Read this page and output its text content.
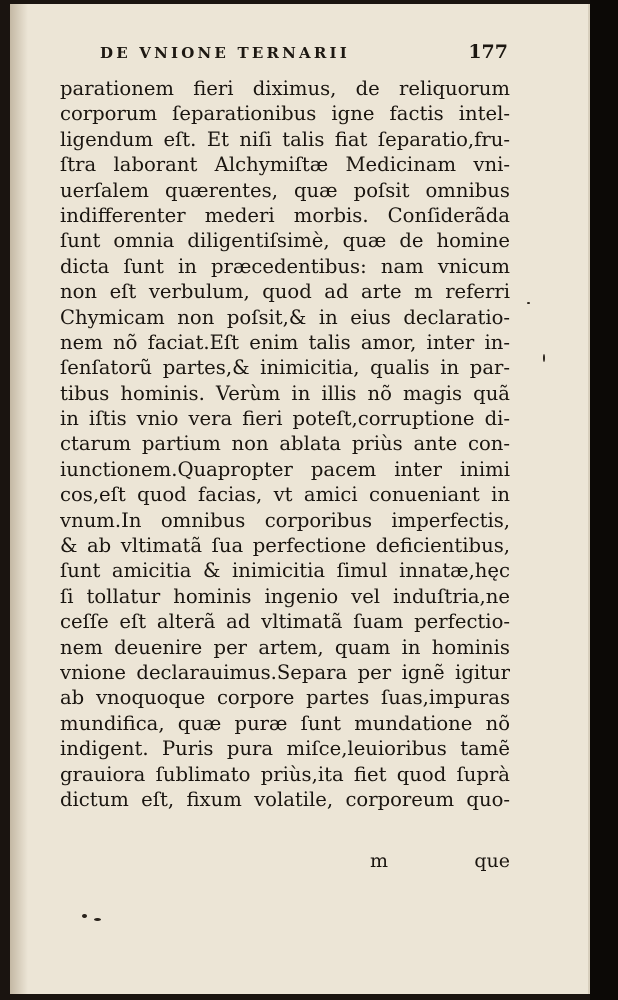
DE VNIONE TERNARII	177
parationem fieri diximus, de reliquorum
corporum ſeparationibus igne factis intel-
ligendum eſt. Et niſi talis fiat ſeparatio,fru-
ſtra laborant Alchymiſtæ Medicinam vni-
uerſalem quærentes, quæ poſsit omnibus
indifferenter mederi morbis. Conſiderãda
ſunt omnia diligentiſsimè, quæ de homine
dicta ſunt in præcedentibus: nam vnicum
non eſt verbulum, quod ad arte m referri
Chymicam non poſsit,& in eius declaratio-
nem nõ faciat.Eſt enim talis amor, inter in-
ſenſatorũ partes,& inimicitia, qualis in par-
tibus hominis. Verùm in illis nõ magis quã
in iſtis vnio vera fieri poteſt,corruptione di-
ctarum partium non ablata priùs ante con-
iunctionem.Quapropter pacem inter inimi
cos,eſt quod facias, vt amici conueniant in
vnum.In omnibus corporibus imperfectis,
& ab vltimatã ſua perfectione deficientibus,
ſunt amicitia & inimicitia ſimul innatæ,hęc
ſi tollatur hominis ingenio vel induſtria,ne
ceſſe eſt alterã ad vltimatã ſuam perfectio-
nem deuenire per artem, quam in hominis
vnione declarauimus.Separa per ignẽ igitur
ab vnoquoque corpore partes ſuas,impuras
mundifica, quæ puræ ſunt mundatione nõ
indigent. Puris pura miſce,leuioribus tamẽ
grauiora ſublimato priùs,ita fiet quod ſuprà
dictum eſt, fixum volatile, corporeum quo-
m	que
